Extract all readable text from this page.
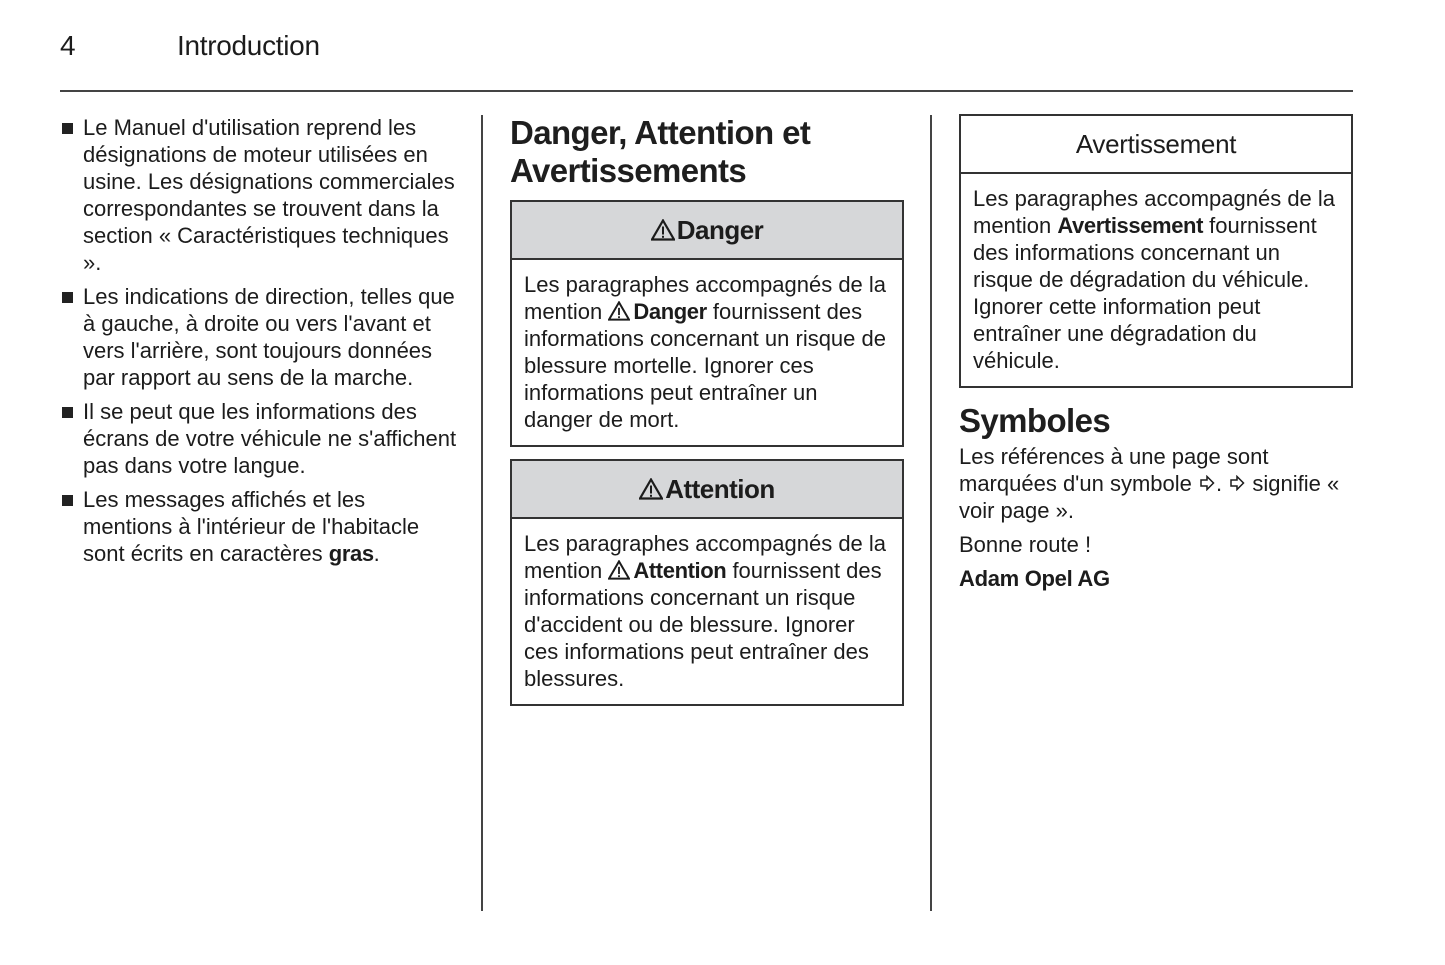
4	Introduction
Le Manuel d'utilisation reprend les désignations de moteur utilisées en usine. Les désignations commerciales correspondantes se trouvent dans la section « Caractéristiques techniques ».
Les indications de direction, telles que à gauche, à droite ou vers l'avant et vers l'arrière, sont toujours données par rapport au sens de la marche.
Il se peut que les informations des écrans de votre véhicule ne s'affichent pas dans votre langue.
Les messages affichés et les mentions à l'intérieur de l'habitacle sont écrits en caractères gras.
Danger, Attention et Avertissements
Danger
Les paragraphes accompagnés de la mention Danger fournissent des informations concernant un risque de blessure mortelle. Ignorer ces informations peut entraîner un danger de mort.
Attention
Les paragraphes accompagnés de la mention Attention fournissent des informations concernant un risque d'accident ou de blessure. Ignorer ces informations peut entraîner des blessures.
Avertissement
Les paragraphes accompagnés de la mention Avertissement fournissent des informations concernant un risque de dégradation du véhicule. Ignorer cette information peut entraîner une dégradation du véhicule.
Symboles

Les références à une page sont marquées d'un symbole .  signifie « voir page ».

Bonne route !

Adam Opel AG
